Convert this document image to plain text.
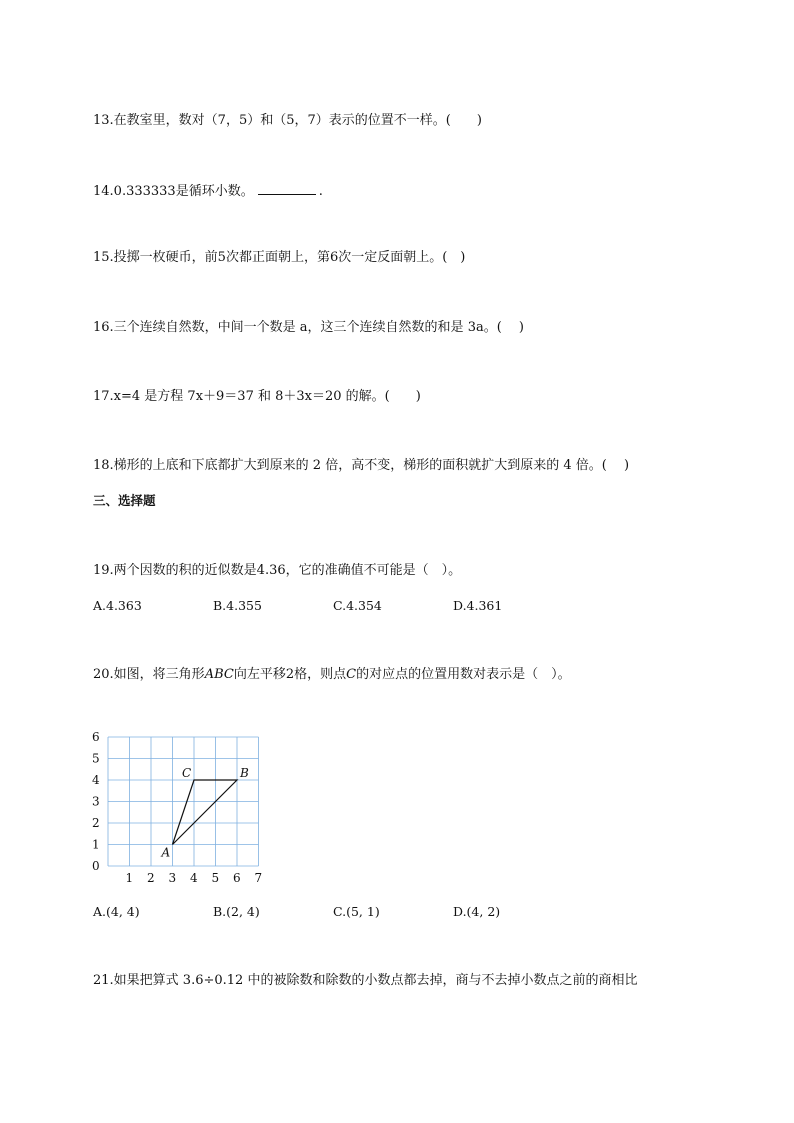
13.在教室里，数对（7，5）和（5，7）表示的位置不一样。(　　)
14.0.333333是循环小数。	.
15.投掷一枚硬币，前5次都正面朝上，第6次一定反面朝上。(　)
16.三个连续自然数，中间一个数是 a，这三个连续自然数的和是 3a。(　 )
17.x=4 是方程 7x＋9＝37 和 8＋3x＝20 的解。(　　)
18.梯形的上底和下底都扩大到原来的 2 倍，高不变，梯形的面积就扩大到原来的 4 倍。(　 )
三、选择题
19.两个因数的积的近似数是4.36，它的准确值不可能是（　）。
A.4.363	B.4.355	C.4.354	D.4.361
20.如图，将三角形ABC向左平移2格，则点C的对应点的位置用数对表示是（　）。
0
1
2
3
4
5
6
1 2 3 4 5 6 7
A
B
C
A.(4, 4)	B.(2, 4)	C.(5, 1)	D.(4, 2)
21.如果把算式 3.6÷0.12 中的被除数和除数的小数点都去掉，商与不去掉小数点之前的商相比
